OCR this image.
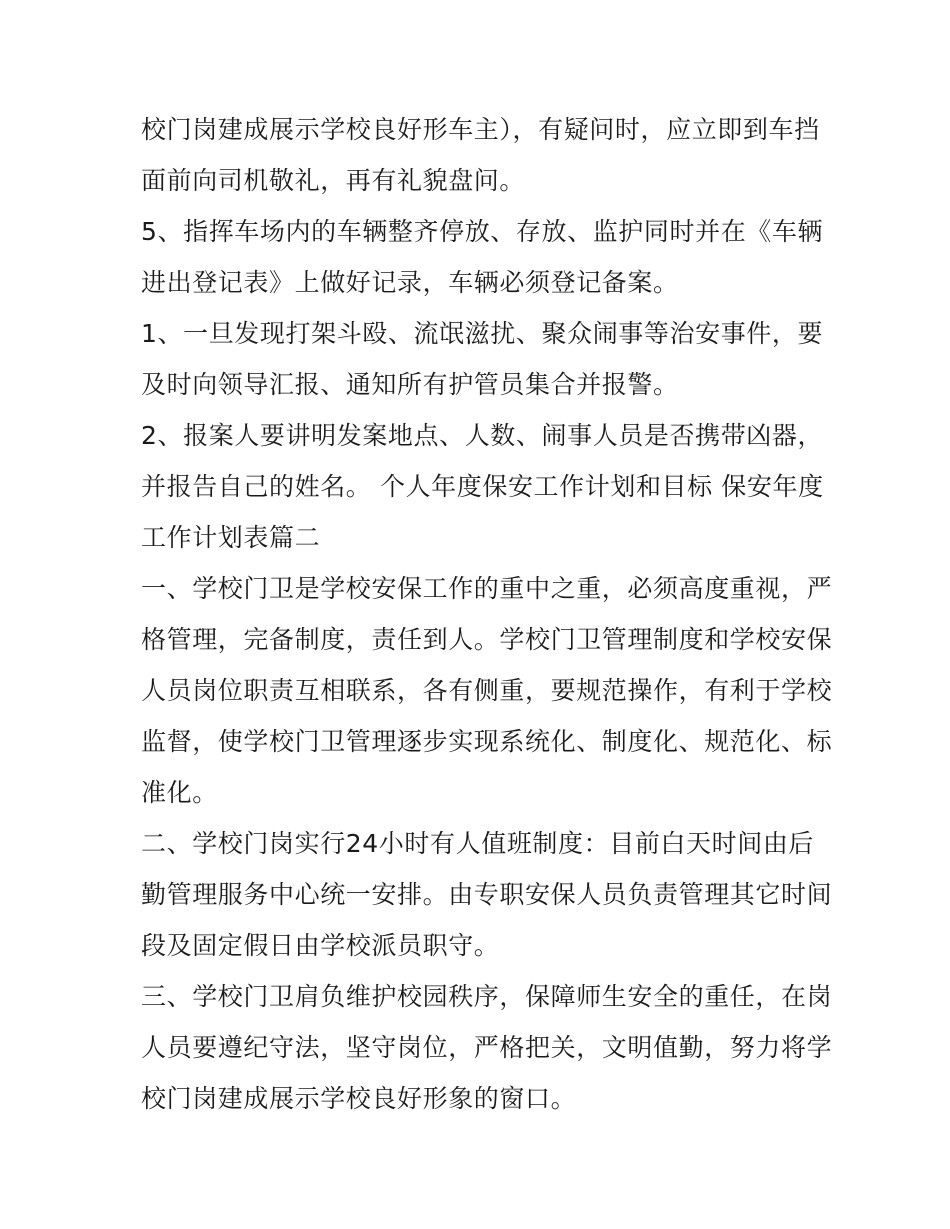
校门岗建成展示学校良好形车主），有疑问时，应立即到车挡
面前向司机敬礼，再有礼貌盘问。
5、指挥车场内的车辆整齐停放、存放、监护同时并在《车辆
进出登记表》上做好记录，车辆必须登记备案。
1、一旦发现打架斗殴、流氓滋扰、聚众闹事等治安事件，要
及时向领导汇报、通知所有护管员集合并报警。
2、报案人要讲明发案地点、人数、闹事人员是否携带凶器，
并报告自己的姓名。 个人年度保安工作计划和目标 保安年度
工作计划表篇二
一、学校门卫是学校安保工作的重中之重，必须高度重视，严
格管理，完备制度，责任到人。学校门卫管理制度和学校安保
人员岗位职责互相联系，各有侧重，要规范操作，有利于学校
监督，使学校门卫管理逐步实现系统化、制度化、规范化、标
准化。
二、学校门岗实行24小时有人值班制度：目前白天时间由后
勤管理服务中心统一安排。由专职安保人员负责管理其它时间
段及固定假日由学校派员职守。
三、学校门卫肩负维护校园秩序，保障师生安全的重任，在岗
人员要遵纪守法，坚守岗位，严格把关，文明值勤，努力将学
校门岗建成展示学校良好形象的窗口。
